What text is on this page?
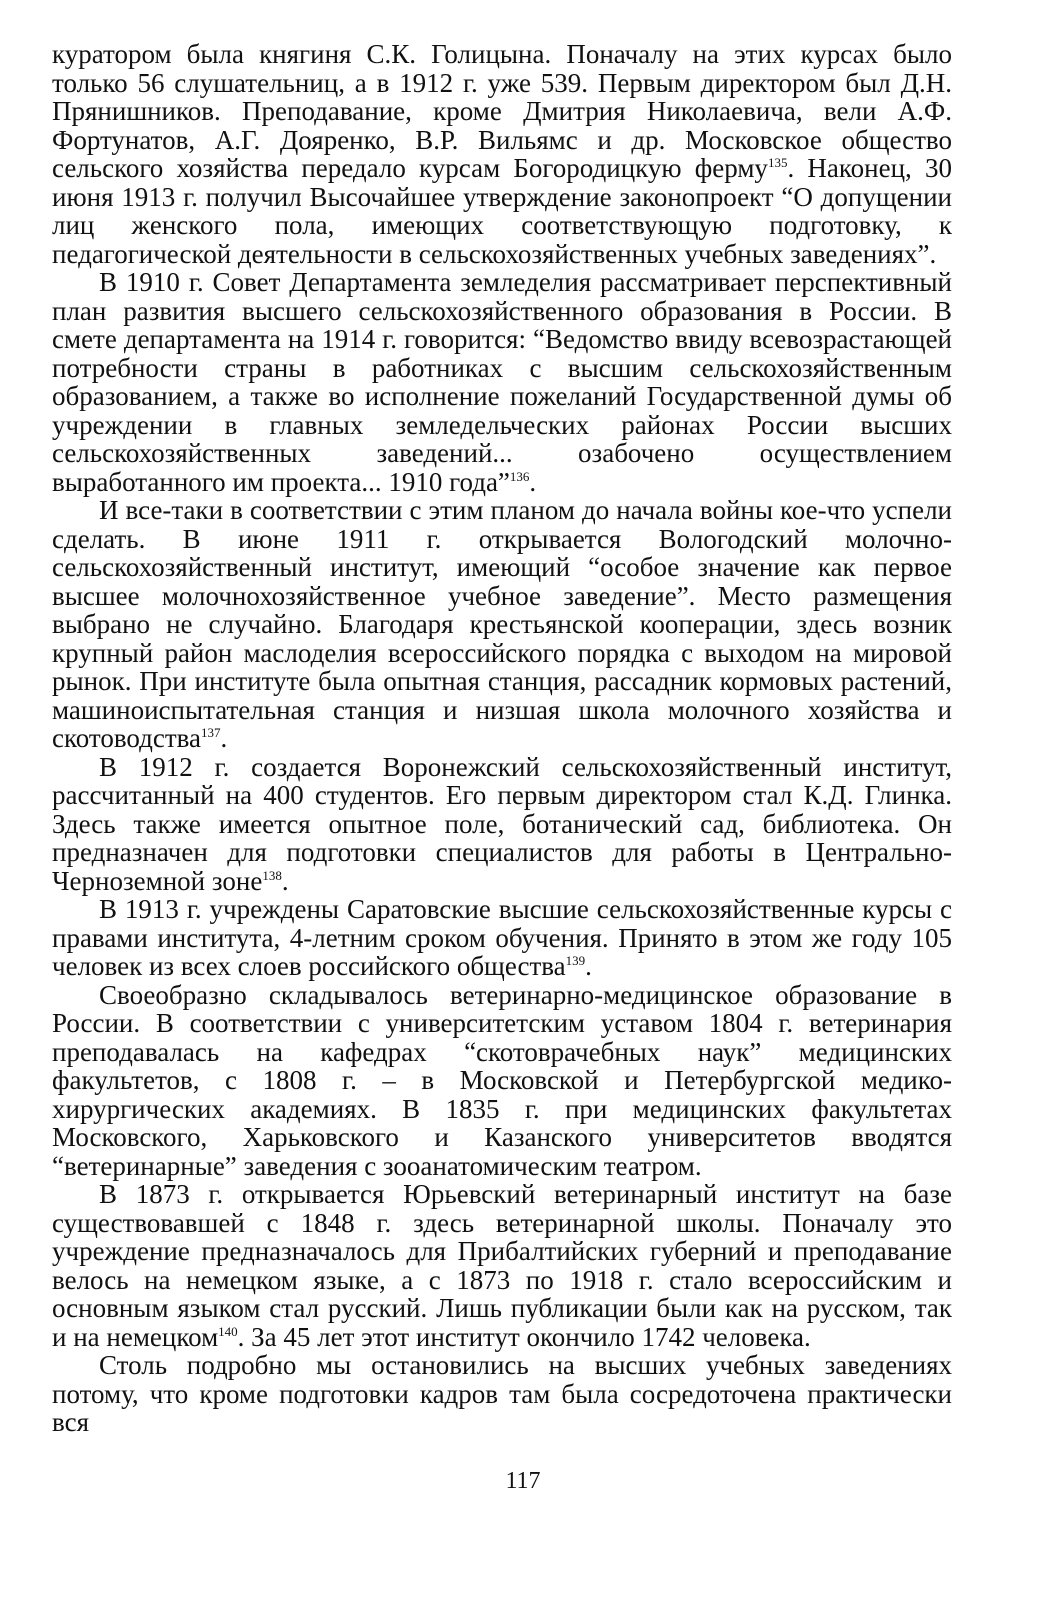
куратором была княгиня С.К. Голицына. Поначалу на этих курсах было только 56 слушательниц, а в 1912 г. уже 539. Первым директором был Д.Н. Прянишников. Преподавание, кроме Дмитрия Николаевича, вели А.Ф. Фортунатов, А.Г. Дояренко, В.Р. Вильямс и др. Московское общество сельского хозяйства передало курсам Богородицкую ферму$^{135}$. Наконец, 30 июня 1913 г. получил Высочайшее утверждение законопроект “О допущении лиц женского пола, имеющих соответствующую подготовку, к педагогической деятельности в сельскохозяйственных учебных заведениях”.

В 1910 г. Совет Департамента земледелия рассматривает перспективный план развития высшего сельскохозяйственного образования в России. В смете департамента на 1914 г. говорится: “Ведомство ввиду всевозрастающей потребности страны в работниках с высшим сельскохозяйственным образованием, а также во исполнение пожеланий Государственной думы об учреждении в главных земледельческих районах России высших сельскохозяйственных заведений... озабочено осуществлением выработанного им проекта... 1910 года”$^{136}$.

И все-таки в соответствии с этим планом до начала войны кое-что успели сделать. В июне 1911 г. открывается Вологодский молочно-сельскохозяйственный институт, имеющий “особое значение как первое высшее молочнохозяйственное учебное заведение”. Место размещения выбрано не случайно. Благодаря крестьянской кооперации, здесь возник крупный район маслоделия всероссийского порядка с выходом на мировой рынок. При институте была опытная станция, рассадник кормовых растений, машиноиспытательная станция и низшая школа молочного хозяйства и скотоводства$^{137}$.

В 1912 г. создается Воронежский сельскохозяйственный институт, рассчитанный на 400 студентов. Его первым директором стал К.Д. Глинка. Здесь также имеется опытное поле, ботанический сад, библиотека. Он предназначен для подготовки специалистов для работы в Центрально-Черноземной зоне$^{138}$.

В 1913 г. учреждены Саратовские высшие сельскохозяйственные курсы с правами института, 4-летним сроком обучения. Принято в этом же году 105 человек из всех слоев российского общества$^{139}$.

Своеобразно складывалось ветеринарно-медицинское образование в России. В соответствии с университетским уставом 1804 г. ветеринария преподавалась на кафедрах “скотоврачебных наук” медицинских факультетов, с 1808 г. – в Московской и Петербургской медико-хирургических академиях. В 1835 г. при медицинских факультетах Московского, Харьковского и Казанского университетов вводятся “ветеринарные” заведения с зооанатомическим театром.

В 1873 г. открывается Юрьевский ветеринарный институт на базе существовавшей с 1848 г. здесь ветеринарной школы. Поначалу это учреждение предназначалось для Прибалтийских губерний и преподавание велось на немецком языке, а с 1873 по 1918 г. стало всероссийским и основным языком стал русский. Лишь публикации были как на русском, так и на немецком$^{140}$. За 45 лет этот институт окончило 1742 человека.

Столь подробно мы остановились на высших учебных заведениях потому, что кроме подготовки кадров там была сосредоточена практически вся

117
